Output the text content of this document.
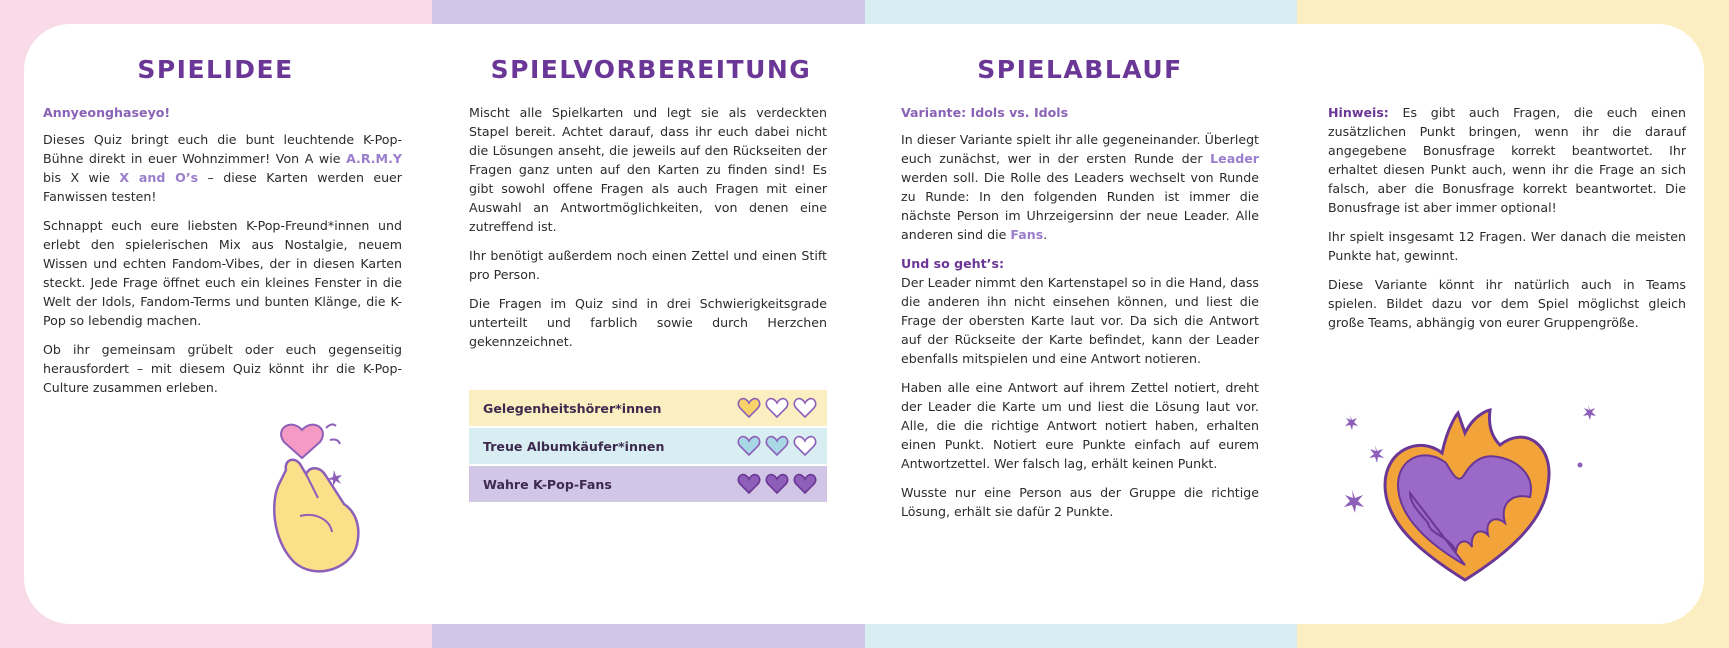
SPIELIDEE
Annyeonghaseyo!

Dieses Quiz bringt euch die bunt leuchtende K-Pop-Bühne direkt in euer Wohnzimmer! Von A wie A.R.M.Y bis X wie X and O’s – diese Karten werden euer Fanwissen testen!

Schnappt euch eure liebsten K-Pop-Freund*innen und erlebt den spielerischen Mix aus Nostalgie, neuem Wissen und echten Fandom-Vibes, der in diesen Karten steckt. Jede Frage öffnet euch ein kleines Fenster in die Welt der Idols, Fandom-Terms und bunten Klänge, die K-Pop so lebendig machen.

Ob ihr gemeinsam grübelt oder euch gegenseitig herausfordert – mit diesem Quiz könnt ihr die K-Pop-Culture zusammen erleben.

SPIELVORBEREITUNG

Mischt alle Spielkarten und legt sie als verdeckten Stapel bereit. Achtet darauf, dass ihr euch dabei nicht die Lösungen anseht, die jeweils auf den Rückseiten der Fragen ganz unten auf den Karten zu finden sind! Es gibt sowohl offene Fragen als auch Fragen mit einer Auswahl an Antwortmöglichkeiten, von denen eine zutreffend ist.

Ihr benötigt außerdem noch einen Zettel und einen Stift pro Person.

Die Fragen im Quiz sind in drei Schwierigkeitsgrade unterteilt und farblich sowie durch Herzchen gekennzeichnet.

Gelegenheitshörer*innen
Treue Albumkäufer*innen
Wahre K-Pop-Fans
SPIELABLAUF
Variante: Idols vs. Idols

In dieser Variante spielt ihr alle gegeneinander. Überlegt euch zunächst, wer in der ersten Runde der Leader werden soll. Die Rolle des Leaders wechselt von Runde zu Runde: In den folgenden Runden ist immer die nächste Person im Uhrzeigersinn der neue Leader. Alle anderen sind die Fans.

Und so geht’s:

Der Leader nimmt den Kartenstapel so in die Hand, dass die anderen ihn nicht einsehen können, und liest die Frage der obersten Karte laut vor. Da sich die Antwort auf der Rückseite der Karte befindet, kann der Leader ebenfalls mitspielen und eine Antwort notieren.

Haben alle eine Antwort auf ihrem Zettel notiert, dreht der Leader die Karte um und liest die Lösung laut vor. Alle, die die richtige Antwort notiert haben, erhalten einen Punkt. Notiert eure Punkte einfach auf eurem Antwortzettel. Wer falsch lag, erhält keinen Punkt.

Wusste nur eine Person aus der Gruppe die richtige Lösung, erhält sie dafür 2 Punkte.

Hinweis: Es gibt auch Fragen, die euch einen zusätzlichen Punkt bringen, wenn ihr die darauf angegebene Bonusfrage korrekt beantwortet. Ihr erhaltet diesen Punkt auch, wenn ihr die Frage an sich falsch, aber die Bonusfrage korrekt beantwortet. Die Bonusfrage ist aber immer optional!

Ihr spielt insgesamt 12 Fragen. Wer danach die meisten Punkte hat, gewinnt.

Diese Variante könnt ihr natürlich auch in Teams spielen. Bildet dazu vor dem Spiel möglichst gleich große Teams, abhängig von eurer Gruppengröße.
